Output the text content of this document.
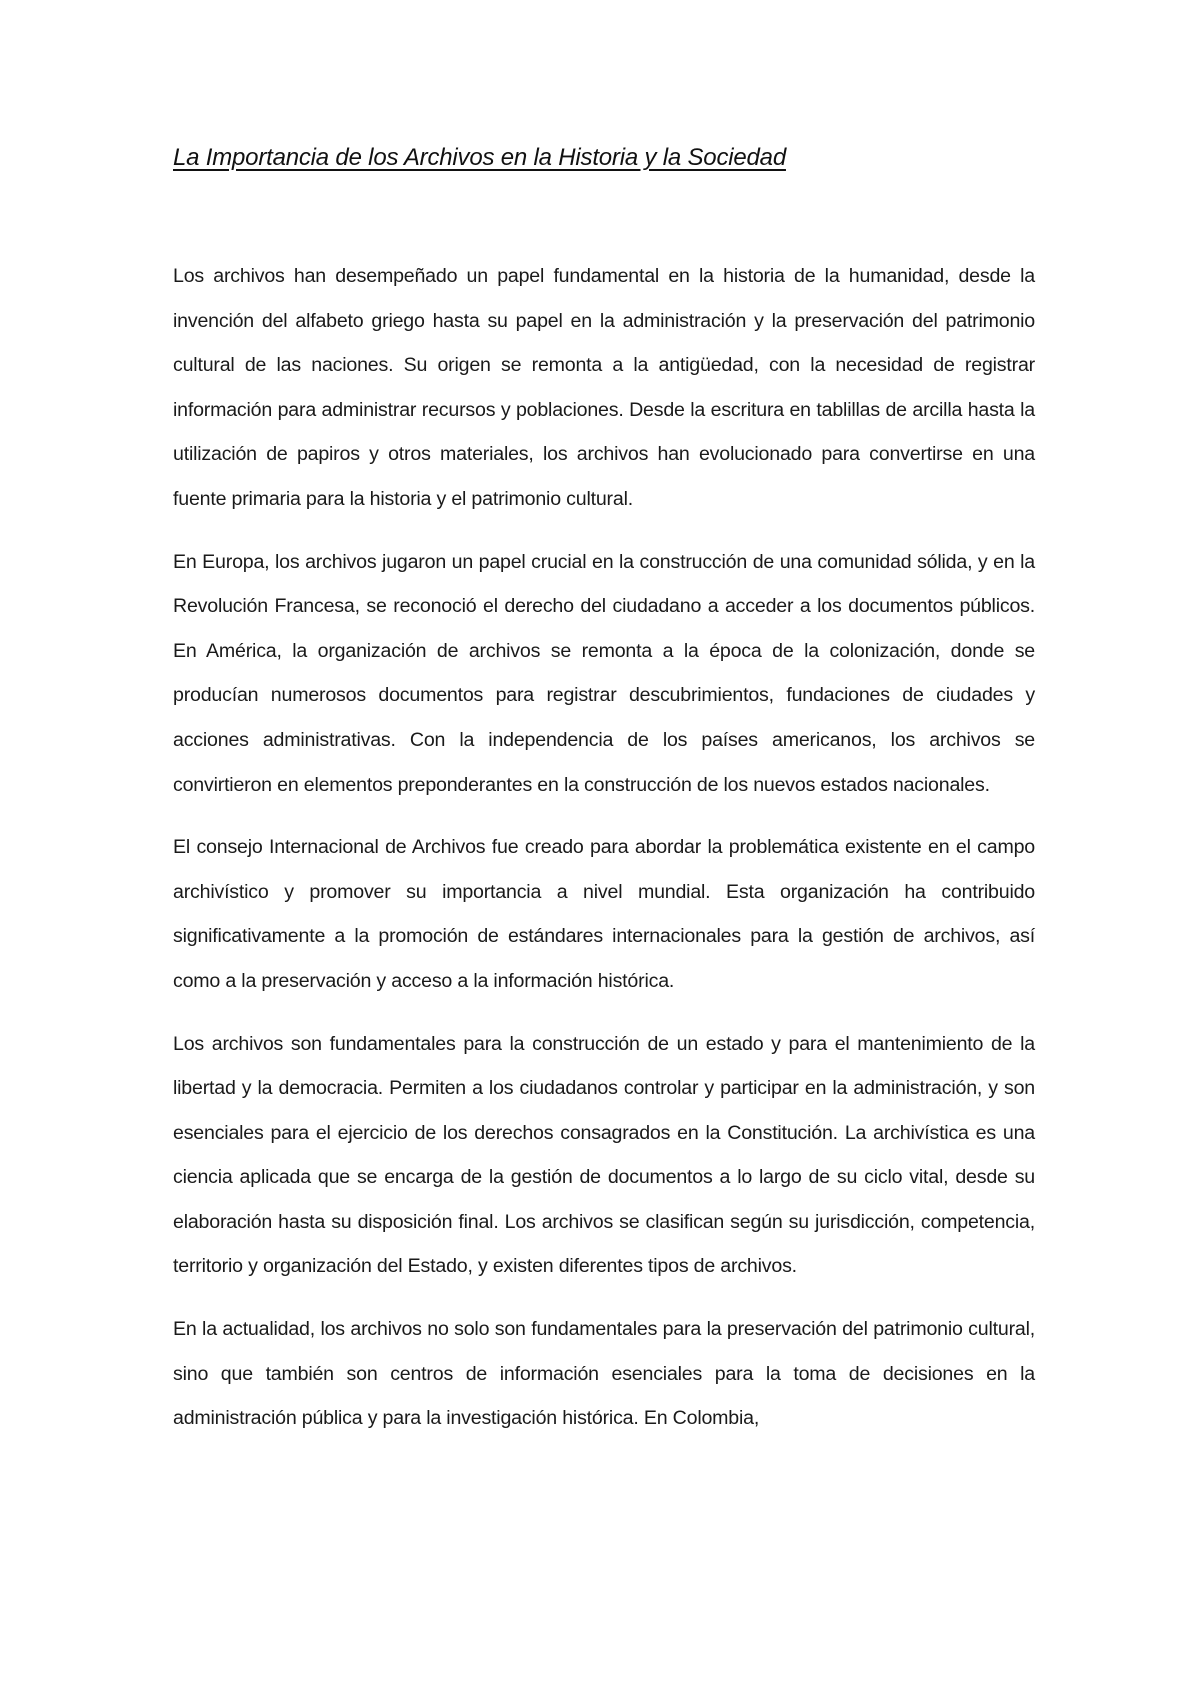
La Importancia de los Archivos en la Historia y la Sociedad

Los archivos han desempeñado un papel fundamental en la historia de la humanidad, desde la invención del alfabeto griego hasta su papel en la administración y la preservación del patrimonio cultural de las naciones. Su origen se remonta a la antigüedad, con la necesidad de registrar información para administrar recursos y poblaciones. Desde la escritura en tablillas de arcilla hasta la utilización de papiros y otros materiales, los archivos han evolucionado para convertirse en una fuente primaria para la historia y el patrimonio cultural.

En Europa, los archivos jugaron un papel crucial en la construcción de una comunidad sólida, y en la Revolución Francesa, se reconoció el derecho del ciudadano a acceder a los documentos públicos. En América, la organización de archivos se remonta a la época de la colonización, donde se producían numerosos documentos para registrar descubrimientos, fundaciones de ciudades y acciones administrativas. Con la independencia de los países americanos, los archivos se convirtieron en elementos preponderantes en la construcción de los nuevos estados nacionales.

El consejo Internacional de Archivos fue creado para abordar la problemática existente en el campo archivístico y promover su importancia a nivel mundial. Esta organización ha contribuido significativamente a la promoción de estándares internacionales para la gestión de archivos, así como a la preservación y acceso a la información histórica.

Los archivos son fundamentales para la construcción de un estado y para el mantenimiento de la libertad y la democracia. Permiten a los ciudadanos controlar y participar en la administración, y son esenciales para el ejercicio de los derechos consagrados en la Constitución. La archivística es una ciencia aplicada que se encarga de la gestión de documentos a lo largo de su ciclo vital, desde su elaboración hasta su disposición final. Los archivos se clasifican según su jurisdicción, competencia, territorio y organización del Estado, y existen diferentes tipos de archivos.

En la actualidad, los archivos no solo son fundamentales para la preservación del patrimonio cultural, sino que también son centros de información esenciales para la toma de decisiones en la administración pública y para la investigación histórica. En Colombia,
